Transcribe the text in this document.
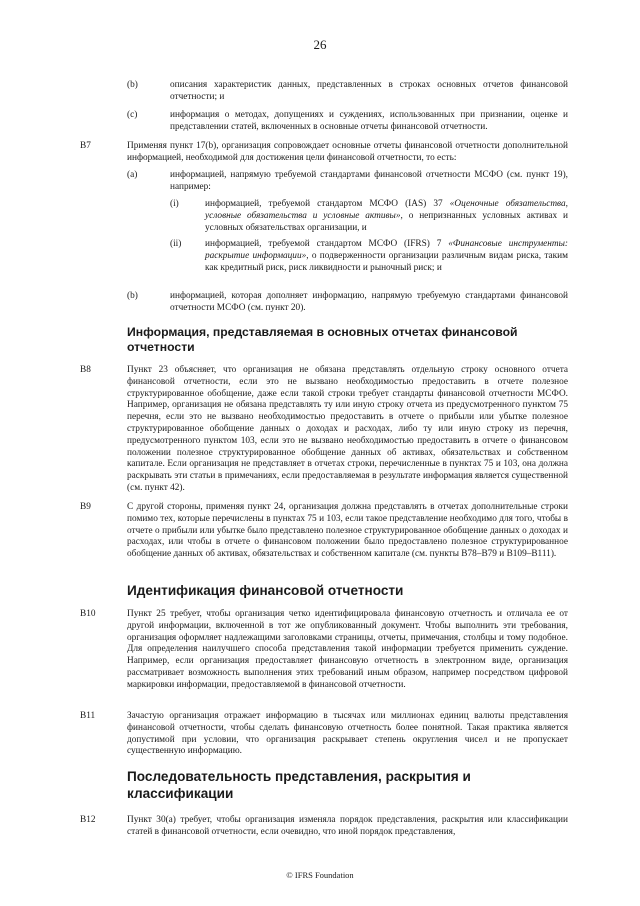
26
(b)	описания характеристик данных, представленных в строках основных отчетов финансовой отчетности; и
(c)	информация о методах, допущениях и суждениях, использованных при признании, оценке и представлении статей, включенных в основные отчеты финансовой отчетности.
B7	Применяя пункт 17(b), организация сопровождает основные отчеты финансовой отчетности дополнительной информацией, необходимой для достижения цели финансовой отчетности, то есть:
(a)	информацией, напрямую требуемой стандартами финансовой отчетности МСФО (см. пункт 19), например:
(i)	информацией, требуемой стандартом МСФО (IAS) 37 «Оценочные обязательства, условные обязательства и условные активы», о непризнанных условных активах и условных обязательствах организации, и
(ii)	информацией, требуемой стандартом МСФО (IFRS) 7 «Финансовые инструменты: раскрытие информации», о подверженности организации различным видам риска, таким как кредитный риск, риск ликвидности и рыночный риск; и
(b)	информацией, которая дополняет информацию, напрямую требуемую стандартами финансовой отчетности МСФО (см. пункт 20).
Информация, представляемая в основных отчетах финансовой отчетности
B8	Пункт 23 объясняет, что организация не обязана представлять отдельную строку основного отчета финансовой отчетности, если это не вызвано необходимостью предоставить в отчете полезное структурированное обобщение, даже если такой строки требует стандарты финансовой отчетности МСФО. Например, организация не обязана представлять ту или иную строку отчета из предусмотренного пунктом 75 перечня, если это не вызвано необходимостью предоставить в отчете о прибыли или убытке полезное структурированное обобщение данных о доходах и расходах, либо ту или иную строку из перечня, предусмотренного пунктом 103, если это не вызвано необходимостью предоставить в отчете о финансовом положении полезное структурированное обобщение данных об активах, обязательствах и собственном капитале. Если организация не представляет в отчетах строки, перечисленные в пунктах 75 и 103, она должна раскрывать эти статьи в примечаниях, если предоставляемая в результате информация является существенной (см. пункт 42).
B9	С другой стороны, применяя пункт 24, организация должна представлять в отчетах дополнительные строки помимо тех, которые перечислены в пунктах 75 и 103, если такое представление необходимо для того, чтобы в отчете о прибыли или убытке было представлено полезное структурированное обобщение данных о доходах и расходах, или чтобы в отчете о финансовом положении было предоставлено полезное структурированное обобщение данных об активах, обязательствах и собственном капитале (см. пункты B78–B79 и B109–B111).
Идентификация финансовой отчетности
B10	Пункт 25 требует, чтобы организация четко идентифицировала финансовую отчетность и отличала ее от другой информации, включенной в тот же опубликованный документ. Чтобы выполнить эти требования, организация оформляет надлежащими заголовками страницы, отчеты, примечания, столбцы и тому подобное. Для определения наилучшего способа представления такой информации требуется применить суждение. Например, если организация предоставляет финансовую отчетность в электронном виде, организация рассматривает возможность выполнения этих требований иным образом, например посредством цифровой маркировки информации, предоставляемой в финансовой отчетности.
B11	Зачастую организация отражает информацию в тысячах или миллионах единиц валюты представления финансовой отчетности, чтобы сделать финансовую отчетность более понятной. Такая практика является допустимой при условии, что организация раскрывает степень округления чисел и не пропускает существенную информацию.
Последовательность представления, раскрытия и классификации
B12	Пункт 30(а) требует, чтобы организация изменяла порядок представления, раскрытия или классификации статей в финансовой отчетности, если очевидно, что иной порядок представления,
© IFRS Foundation
